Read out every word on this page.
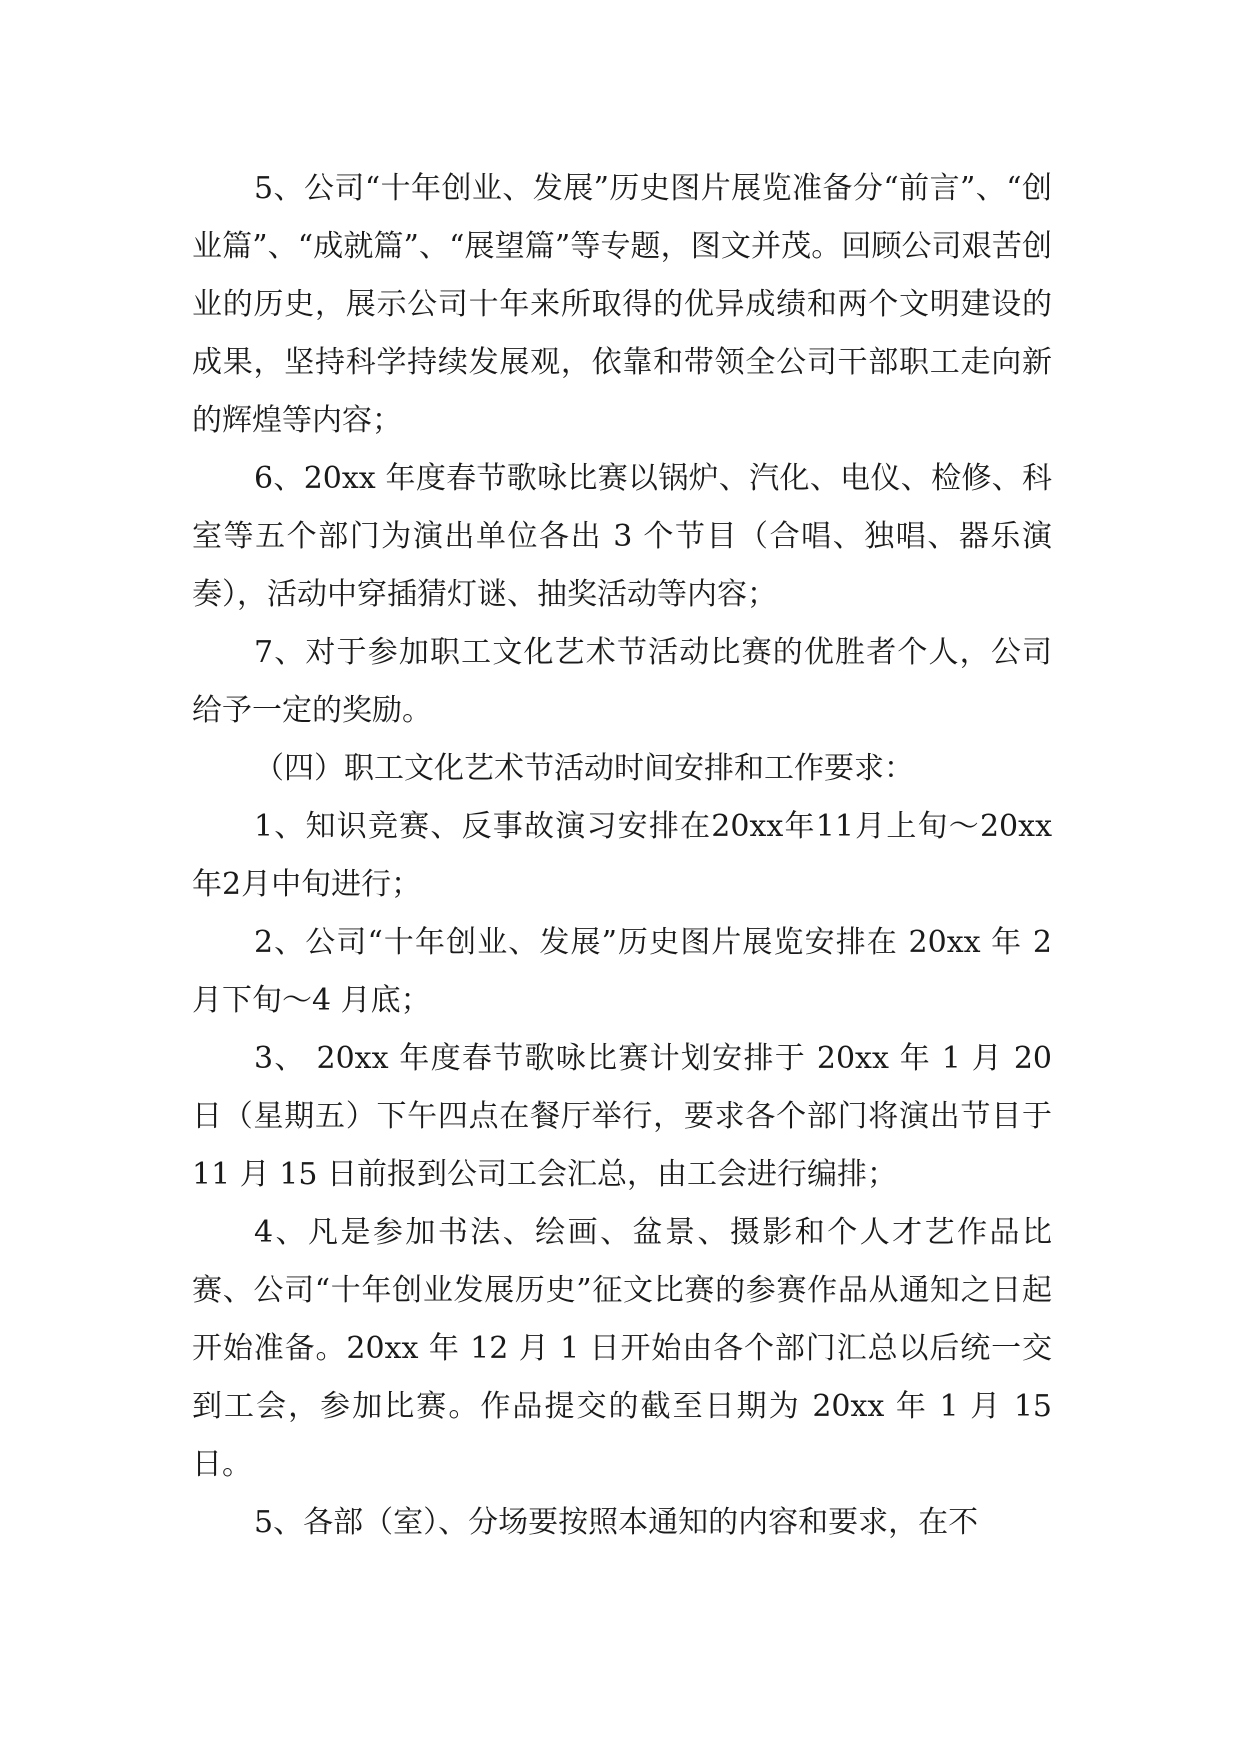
5、公司“十年创业、发展”历史图片展览准备分“前言”、“创业篇”、“成就篇”、“展望篇”等专题，图文并茂。回顾公司艰苦创业的历史，展示公司十年来所取得的优异成绩和两个文明建设的成果，坚持科学持续发展观，依靠和带领全公司干部职工走向新的辉煌等内容；

6、20xx 年度春节歌咏比赛以锅炉、汽化、电仪、检修、科室等五个部门为演出单位各出 3 个节目（合唱、独唱、器乐演奏），活动中穿插猜灯谜、抽奖活动等内容；

7、对于参加职工文化艺术节活动比赛的优胜者个人，公司给予一定的奖励。

（四）职工文化艺术节活动时间安排和工作要求：

1、知识竞赛、反事故演习安排在20xx年11月上旬～20xx年2月中旬进行；

2、公司“十年创业、发展”历史图片展览安排在 20xx 年 2 月下旬～4 月底；

3、 20xx 年度春节歌咏比赛计划安排于 20xx 年 1 月 20 日（星期五）下午四点在餐厅举行，要求各个部门将演出节目于 11 月 15 日前报到公司工会汇总，由工会进行编排；

4、凡是参加书法、绘画、盆景、摄影和个人才艺作品比赛、公司“十年创业发展历史”征文比赛的参赛作品从通知之日起开始准备。20xx 年 12 月 1 日开始由各个部门汇总以后统一交到工会，参加比赛。作品提交的截至日期为 20xx 年 1 月 15 日。

5、各部（室）、分场要按照本通知的内容和要求，在不
